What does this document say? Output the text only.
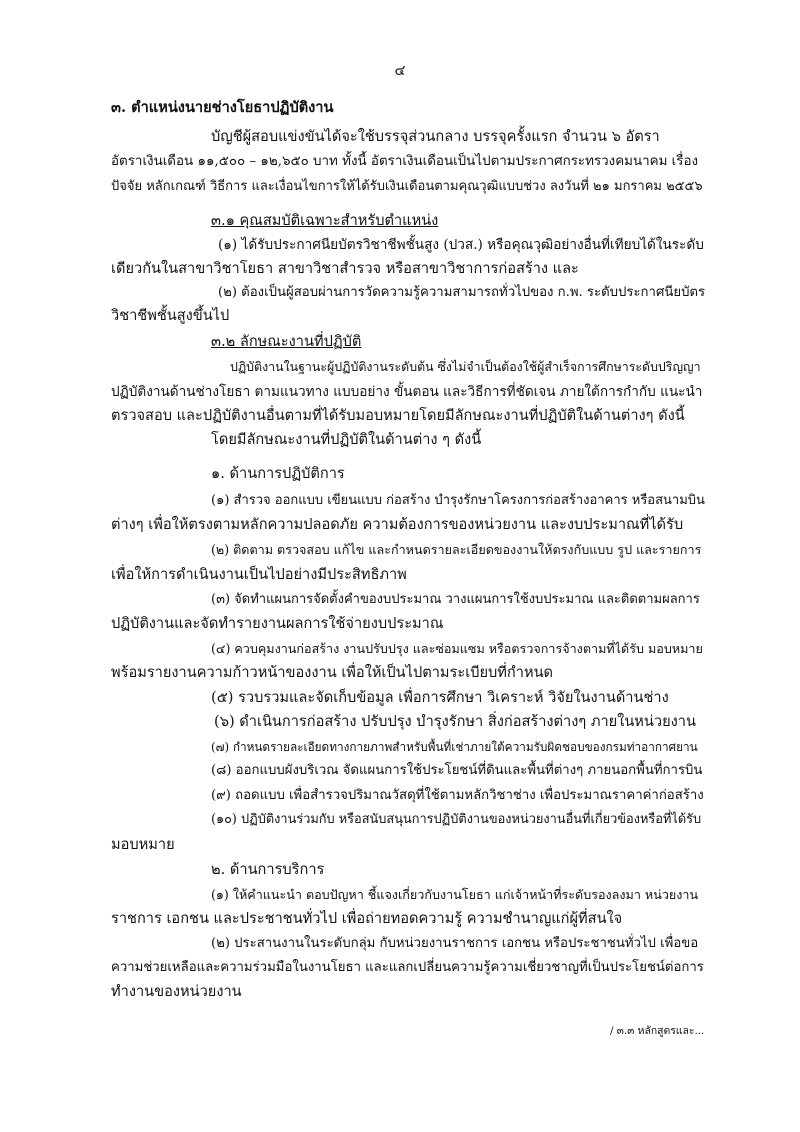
๔
๓. ตำแหน่งนายช่างโยธาปฏิบัติงาน
บัญชีผู้สอบแข่งขันได้จะใช้บรรจุส่วนกลาง บรรจุครั้งแรก จำนวน ๖ อัตรา
อัตราเงินเดือน ๑๑,๕๐๐ – ๑๒,๖๕๐ บาท ทั้งนี้ อัตราเงินเดือนเป็นไปตามประกาศกระทรวงคมนาคม เรื่อง
ปัจจัย หลักเกณฑ์ วิธีการ และเงื่อนไขการให้ได้รับเงินเดือนตามคุณวุฒิแบบช่วง ลงวันที่ ๒๑ มกราคม ๒๕๕๖
๓.๑ คุณสมบัติเฉพาะสำหรับตำแหน่ง
(๑) ได้รับประกาศนียบัตรวิชาชีพชั้นสูง (ปวส.) หรือคุณวุฒิอย่างอื่นที่เทียบได้ในระดับ
เดียวกันในสาขาวิชาโยธา สาขาวิชาสำรวจ หรือสาขาวิชาการก่อสร้าง และ
(๒) ต้องเป็นผู้สอบผ่านการวัดความรู้ความสามารถทั่วไปของ ก.พ. ระดับประกาศนียบัตร
วิชาชีพชั้นสูงขึ้นไป
๓.๒ ลักษณะงานที่ปฏิบัติ
ปฏิบัติงานในฐานะผู้ปฏิบัติงานระดับต้น ซึ่งไม่จำเป็นต้องใช้ผู้สำเร็จการศึกษาระดับปริญญา
ปฏิบัติงานด้านช่างโยธา ตามแนวทาง แบบอย่าง ขั้นตอน และวิธีการที่ชัดเจน ภายใต้การกำกับ แนะนำ
ตรวจสอบ และปฏิบัติงานอื่นตามที่ได้รับมอบหมายโดยมีลักษณะงานที่ปฏิบัติในด้านต่างๆ ดังนี้
โดยมีลักษณะงานที่ปฏิบัติในด้านต่าง ๆ ดังนี้
๑. ด้านการปฏิบัติการ
(๑) สำรวจ ออกแบบ เขียนแบบ ก่อสร้าง บำรุงรักษาโครงการก่อสร้างอาคาร หรือสนามบิน
ต่างๆ เพื่อให้ตรงตามหลักความปลอดภัย ความต้องการของหน่วยงาน และงบประมาณที่ได้รับ
(๒) ติดตาม ตรวจสอบ แก้ไข และกำหนดรายละเอียดของงานให้ตรงกับแบบ รูป และรายการ
เพื่อให้การดำเนินงานเป็นไปอย่างมีประสิทธิภาพ
(๓) จัดทำแผนการจัดตั้งคำของบประมาณ วางแผนการใช้งบประมาณ และติดตามผลการ
ปฏิบัติงานและจัดทำรายงานผลการใช้จ่ายงบประมาณ
(๔) ควบคุมงานก่อสร้าง งานปรับปรุง และซ่อมแซม หรือตรวจการจ้างตามที่ได้รับ มอบหมาย
พร้อมรายงานความก้าวหน้าของงาน เพื่อให้เป็นไปตามระเบียบที่กำหนด
(๕) รวบรวมและจัดเก็บข้อมูล เพื่อการศึกษา วิเคราะห์ วิจัยในงานด้านช่าง
(๖) ดำเนินการก่อสร้าง ปรับปรุง บำรุงรักษา สิ่งก่อสร้างต่างๆ ภายในหน่วยงาน
(๗) กำหนดรายละเอียดทางกายภาพสำหรับพื้นที่เช่าภายใต้ความรับผิดชอบของกรมท่าอากาศยาน
(๘) ออกแบบผังบริเวณ จัดแผนการใช้ประโยชน์ที่ดินและพื้นที่ต่างๆ ภายนอกพื้นที่การบิน
(๙) ถอดแบบ เพื่อสำรวจปริมาณวัสดุที่ใช้ตามหลักวิชาช่าง เพื่อประมาณราคาค่าก่อสร้าง
(๑๐) ปฏิบัติงานร่วมกับ หรือสนับสนุนการปฏิบัติงานของหน่วยงานอื่นที่เกี่ยวข้องหรือที่ได้รับ
มอบหมาย
๒. ด้านการบริการ
(๑) ให้คำแนะนำ ตอบปัญหา ชี้แจงเกี่ยวกับงานโยธา แก่เจ้าหน้าที่ระดับรองลงมา หน่วยงาน
ราชการ เอกชน และประชาชนทั่วไป เพื่อถ่ายทอดความรู้ ความชำนาญแก่ผู้ที่สนใจ
(๒) ประสานงานในระดับกลุ่ม กับหน่วยงานราชการ เอกชน หรือประชาชนทั่วไป เพื่อขอ
ความช่วยเหลือและความร่วมมือในงานโยธา และแลกเปลี่ยนความรู้ความเชี่ยวชาญที่เป็นประโยชน์ต่อการ
ทำงานของหน่วยงาน
/ ๓.๓ หลักสูตรและ...
